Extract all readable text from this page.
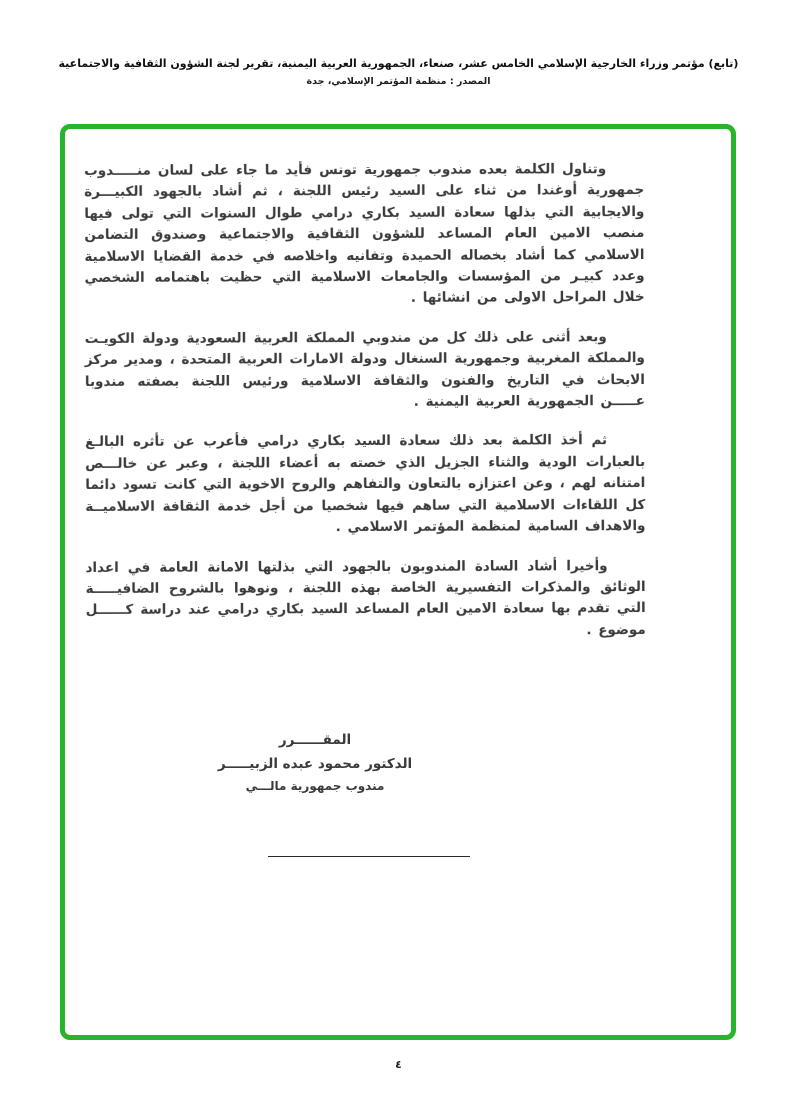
(تابع) مؤتمر وزراء الخارجية الإسلامي الخامس عشر، صنعاء، الجمهورية العربية اليمنية، تقرير لجنة الشؤون الثقافية والاجتماعية
المصدر : منظمة المؤتمر الإسلامي، جدة

وتناول الكلمة بعده مندوب جمهورية تونس فأيد ما جاء على لسان منـــــدوب جمهورية أوغندا من ثناء على السيد رئيس اللجنة ، ثم أشاد بالجهود الكبيـــرة والايجابية التي بذلها سعادة السيد بكاري درامي طوال السنوات التي تولى فيها منصب الامين العام المساعد للشؤون الثقافية والاجتماعية وصندوق التضامن الاسلامي كما أشاد بخصاله الحميدة وتفانيه واخلاصه في خدمة القضايا الاسلامية وعدد كبيـر من المؤسسات والجامعات الاسلامية التي حظيت باهتمامه الشخصي خلال المراحل الاولى من انشائها .

وبعد أثنى على ذلك كل من مندوبي المملكة العربية السعودية ودولة الكويـت والمملكة المغربية وجمهورية السنغال ودولة الامارات العربية المتحدة ، ومدير مركز الابحاث في التاريخ والفنون والثقافة الاسلامية ورئيس اللجنة بصفته مندوبا عـــــن الجمهورية العربية اليمنية .

ثم أخذ الكلمة بعد ذلك سعادة السيد بكاري درامي فأعرب عن تأثره البالـغ بالعبارات الودية والثناء الجزيل الذي خصته به أعضاء اللجنة ، وعبر عن خالـــص امتنانه لهم ، وعن اعتزازه بالتعاون والتفاهم والروح الاخوية التي كانت تسود دائما كل اللقاءات الاسلامية التي ساهم فيها شخصيا من أجل خدمة الثقافة الاسلاميــة والاهداف السامية لمنظمة المؤتمر الاسلامي .

وأخيرا أشاد السادة المندوبون بالجهود التي بذلتها الامانة العامة في اعداد الوثائق والمذكرات التفسيرية الخاصة بهذه اللجنة ، ونوهوا بالشروح الضافيـــــة التي تقدم بها سعادة الامين العام المساعد السيد بكاري درامي عند دراسة كــــــل موضوع .

المقــــــرر
الدكتور محمود عبده الزبيـــــر
مندوب جمهورية مالـــي
٤
